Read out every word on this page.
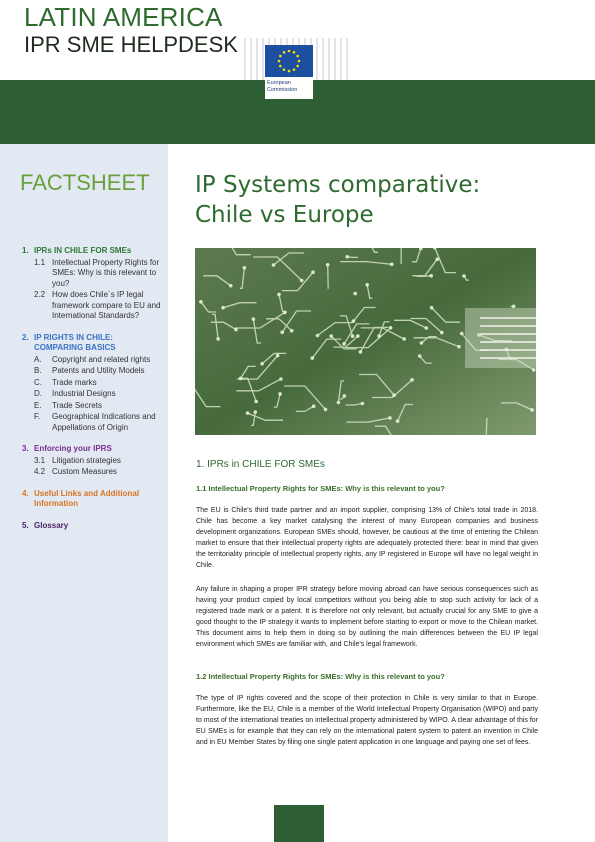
LATIN AMERICA
IPR SME HELPDESK
European
Commission
FACTSHEET
1. IPRs IN CHILE FOR SMEs
1.1 Intellectual Property Rights for SMEs: Why is this relevant to you?
2.2 How does Chile´s IP legal framework compare to EU and International Standards?
2. IP RIGHTS IN CHILE: COMPARING BASICS
A.	Copyright and related rights
B.	Patents and Utility Models
C.	Trade marks
D.	Industrial Designs
E.	Trade Secrets
F.	Geographical Indications and Appellations of Origin
3. Enforcing your IPRS
3.1 Litigation strategies
4.2 Custom Measures
4. Useful Links and Additional Information
5. Glossary
IP Systems comparative:
Chile vs Europe
1. IPRs in CHILE FOR SMEs
1.1 Intellectual Property Rights for SMEs: Why is this relevant to you?

The EU is Chile's third trade partner and an import supplier, comprising 13% of Chile's total trade in 2018. Chile has become a key market catalysing the interest of many European companies and business development organizations. European SMEs should, however, be cautious at the time of entering the Chilean market to ensure that their intellectual property rights are adequately protected there: bear in mind that given the territoriality principle of intellectual property rights, any IP registered in Europe will have no legal weight in Chile.

Any failure in shaping a proper IPR strategy before moving abroad can have serious consequences such as having your product copied by local competitors without you being able to stop such activity for lack of a registered trade mark or a patent. It is therefore not only relevant, but actually crucial for any SME to give a good thought to the IP strategy it wants to implement before starting to export or move to the Chilean market. This document aims to help them in doing so by outlining the main differences between the EU IP legal environment which SMEs are familiar with, and Chile's legal framework.

1.2 Intellectual Property Rights for SMEs: Why is this relevant to you?

The type of IP rights covered and the scope of their protection in Chile is very similar to that in Europe. Furthermore, like the EU, Chile is a member of the World Intellectual Property Organisation (WIPO) and party to most of the international treaties on intellectual property administered by WIPO. A clear advantage of this for EU SMEs is for example that they can rely on the international patent system to patent an invention in Chile and in EU Member States by filing one single patent application in one language and paying one set of fees.
